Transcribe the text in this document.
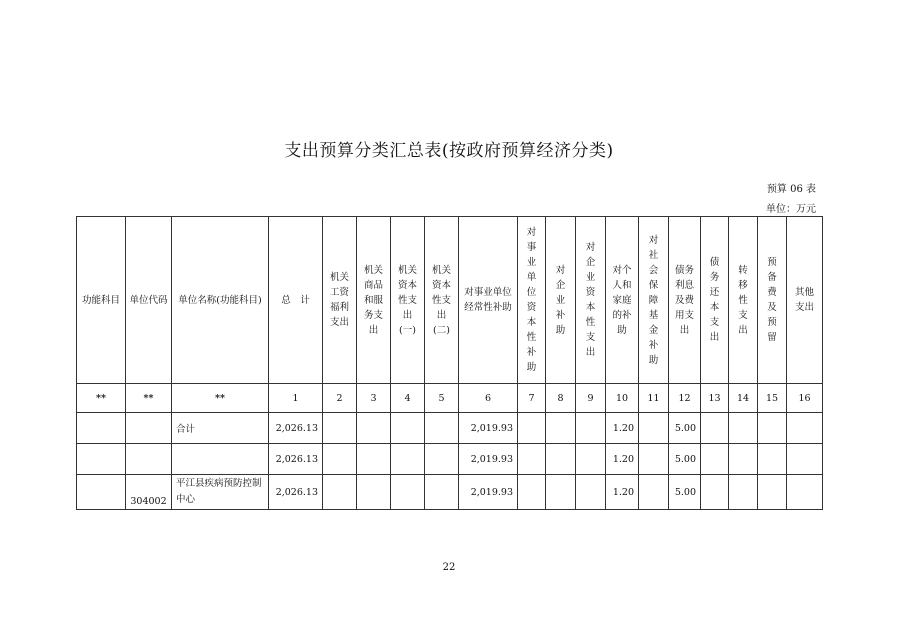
支出预算分类汇总表(按政府预算经济分类)
预算 06 表
单位：万元
功能科目	单位代码	单位名称(功能科目)	总　计	机关工资福利支出	机关商品和服务支出	机关资本性支出(一)	机关资本性支出(二)	对事业单位经常性补助	对事业单位资本性补助	对企业补助	对企业资本性支出	对个人和家庭的补助	对社会保障基金补助	债务利息及费用支出	债务还本支出	转移性支出	预备费及预留	其他支出
**	**	**	1	2	3	4	5	6	7	8	9	10	11	12	13	14	15	16
		合计	2,026.13					2,019.93				1.20		5.00				
			2,026.13					2,019.93				1.20		5.00				
	304002	平江县疾病预防控制中心	2,026.13					2,019.93				1.20		5.00				
22
